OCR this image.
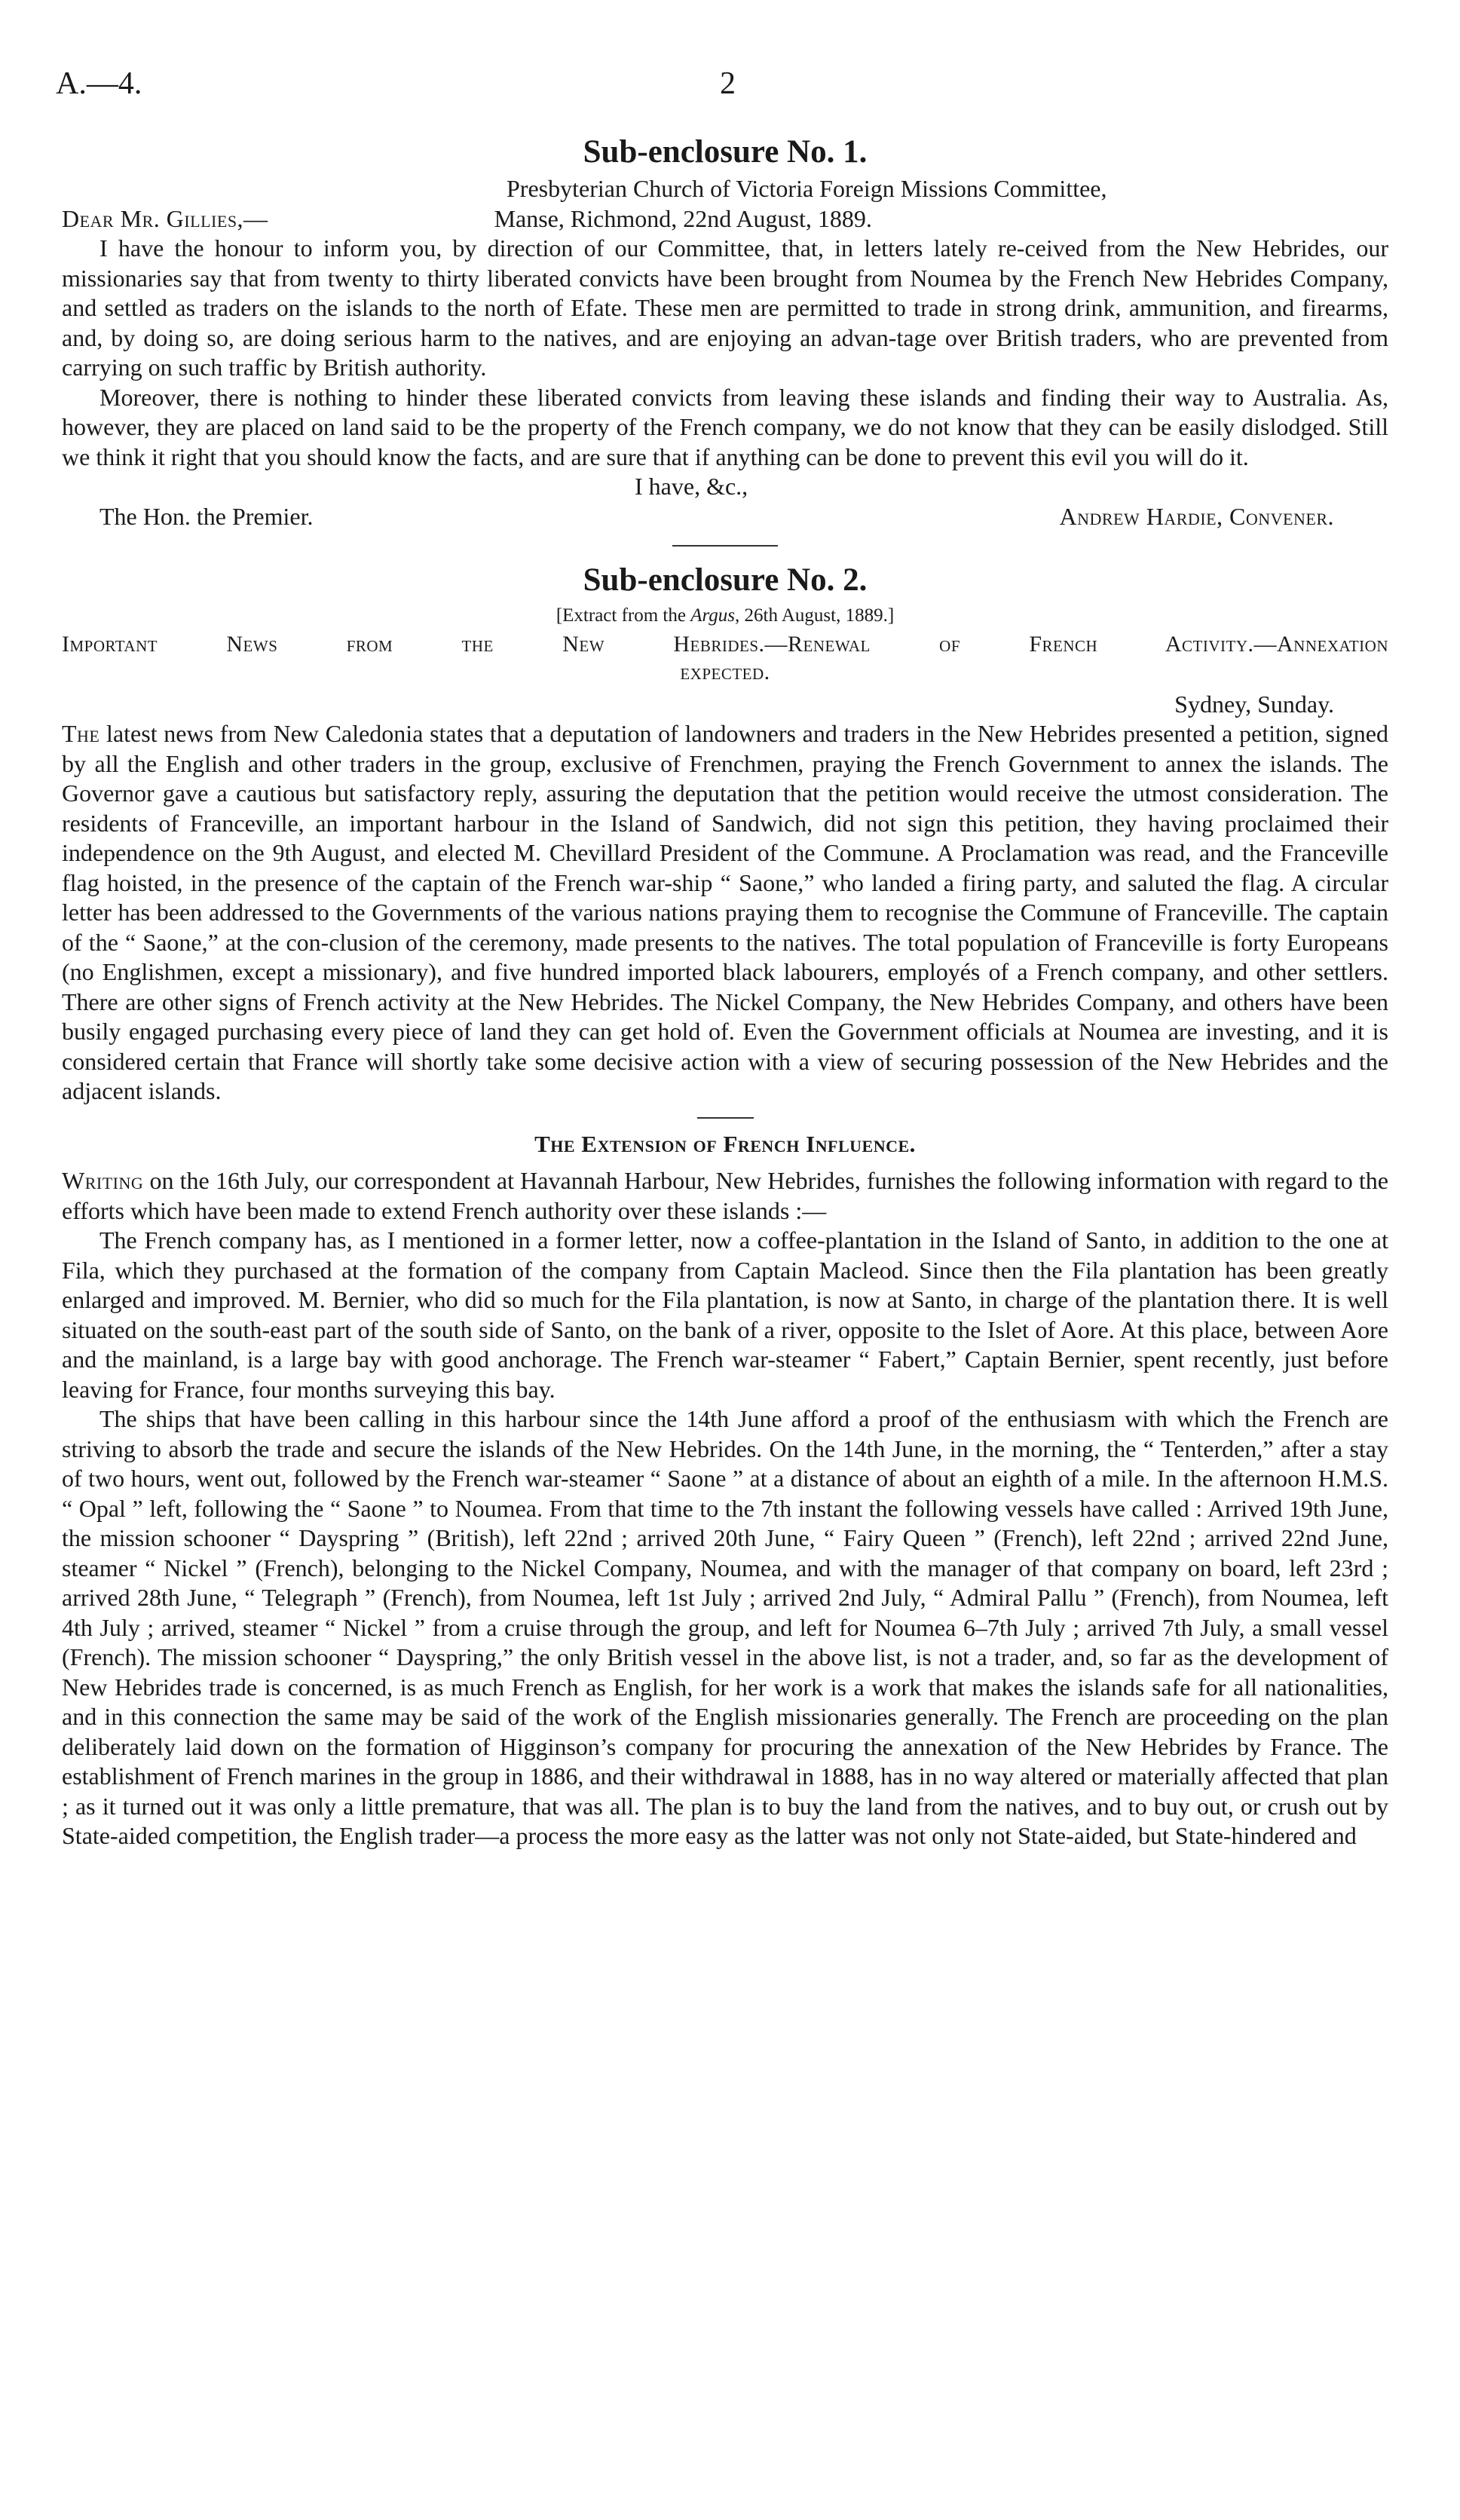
A.—4.	2
Sub-enclosure No. 1.

Presbyterian Church of Victoria Foreign Missions Committee,

Dear Mr. Gillies,—	Manse, Richmond, 22nd August, 1889.

I have the honour to inform you, by direction of our Committee, that, in letters lately re-ceived from the New Hebrides, our missionaries say that from twenty to thirty liberated convicts have been brought from Noumea by the French New Hebrides Company, and settled as traders on the islands to the north of Efate. These men are permitted to trade in strong drink, ammunition, and firearms, and, by doing so, are doing serious harm to the natives, and are enjoying an advan-tage over British traders, who are prevented from carrying on such traffic by British authority.

Moreover, there is nothing to hinder these liberated convicts from leaving these islands and finding their way to Australia. As, however, they are placed on land said to be the property of the French company, we do not know that they can be easily dislodged. Still we think it right that you should know the facts, and are sure that if anything can be done to prevent this evil you will do it.

I have, &c.,

The Hon. the Premier.	Andrew Hardie, Convener.
Sub-enclosure No. 2.

[Extract from the Argus, 26th August, 1889.]

Important News from the New Hebrides.—Renewal of French Activity.—Annexation

expected.

Sydney, Sunday.

The latest news from New Caledonia states that a deputation of landowners and traders in the New Hebrides presented a petition, signed by all the English and other traders in the group, exclusive of Frenchmen, praying the French Government to annex the islands. The Governor gave a cautious but satisfactory reply, assuring the deputation that the petition would receive the utmost consideration. The residents of Franceville, an important harbour in the Island of Sandwich, did not sign this petition, they having proclaimed their independence on the 9th August, and elected M. Chevillard President of the Commune. A Proclamation was read, and the Franceville flag hoisted, in the presence of the captain of the French war-ship “ Saone,” who landed a firing party, and saluted the flag. A circular letter has been addressed to the Governments of the various nations praying them to recognise the Commune of Franceville. The captain of the “ Saone,” at the con-clusion of the ceremony, made presents to the natives. The total population of Franceville is forty Europeans (no Englishmen, except a missionary), and five hundred imported black labourers, employés of a French company, and other settlers. There are other signs of French activity at the New Hebrides. The Nickel Company, the New Hebrides Company, and others have been busily engaged purchasing every piece of land they can get hold of. Even the Government officials at Noumea are investing, and it is considered certain that France will shortly take some decisive action with a view of securing possession of the New Hebrides and the adjacent islands.

The Extension of French Influence.

Writing on the 16th July, our correspondent at Havannah Harbour, New Hebrides, furnishes the following information with regard to the efforts which have been made to extend French authority over these islands :—

The French company has, as I mentioned in a former letter, now a coffee-plantation in the Island of Santo, in addition to the one at Fila, which they purchased at the formation of the company from Captain Macleod. Since then the Fila plantation has been greatly enlarged and improved. M. Bernier, who did so much for the Fila plantation, is now at Santo, in charge of the plantation there. It is well situated on the south-east part of the south side of Santo, on the bank of a river, opposite to the Islet of Aore. At this place, between Aore and the mainland, is a large bay with good anchorage. The French war-steamer “ Fabert,” Captain Bernier, spent recently, just before leaving for France, four months surveying this bay.

The ships that have been calling in this harbour since the 14th June afford a proof of the enthusiasm with which the French are striving to absorb the trade and secure the islands of the New Hebrides. On the 14th June, in the morning, the “ Tenterden,” after a stay of two hours, went out, followed by the French war-steamer “ Saone ” at a distance of about an eighth of a mile. In the afternoon H.M.S. “ Opal ” left, following the “ Saone ” to Noumea. From that time to the 7th instant the following vessels have called : Arrived 19th June, the mission schooner “ Dayspring ” (British), left 22nd ; arrived 20th June, “ Fairy Queen ” (French), left 22nd ; arrived 22nd June, steamer “ Nickel ” (French), belonging to the Nickel Company, Noumea, and with the manager of that company on board, left 23rd ; arrived 28th June, “ Telegraph ” (French), from Noumea, left 1st July ; arrived 2nd July, “ Admiral Pallu ” (French), from Noumea, left 4th July ; arrived, steamer “ Nickel ” from a cruise through the group, and left for Noumea 6–7th July ; arrived 7th July, a small vessel (French). The mission schooner “ Dayspring,” the only British vessel in the above list, is not a trader, and, so far as the development of New Hebrides trade is concerned, is as much French as English, for her work is a work that makes the islands safe for all nationalities, and in this connection the same may be said of the work of the English missionaries generally. The French are proceeding on the plan deliberately laid down on the formation of Higginson’s company for procuring the annexation of the New Hebrides by France. The establishment of French marines in the group in 1886, and their withdrawal in 1888, has in no way altered or materially affected that plan ; as it turned out it was only a little premature, that was all. The plan is to buy the land from the natives, and to buy out, or crush out by State-aided competition, the English trader—a process the more easy as the latter was not only not State-aided, but State-hindered and
